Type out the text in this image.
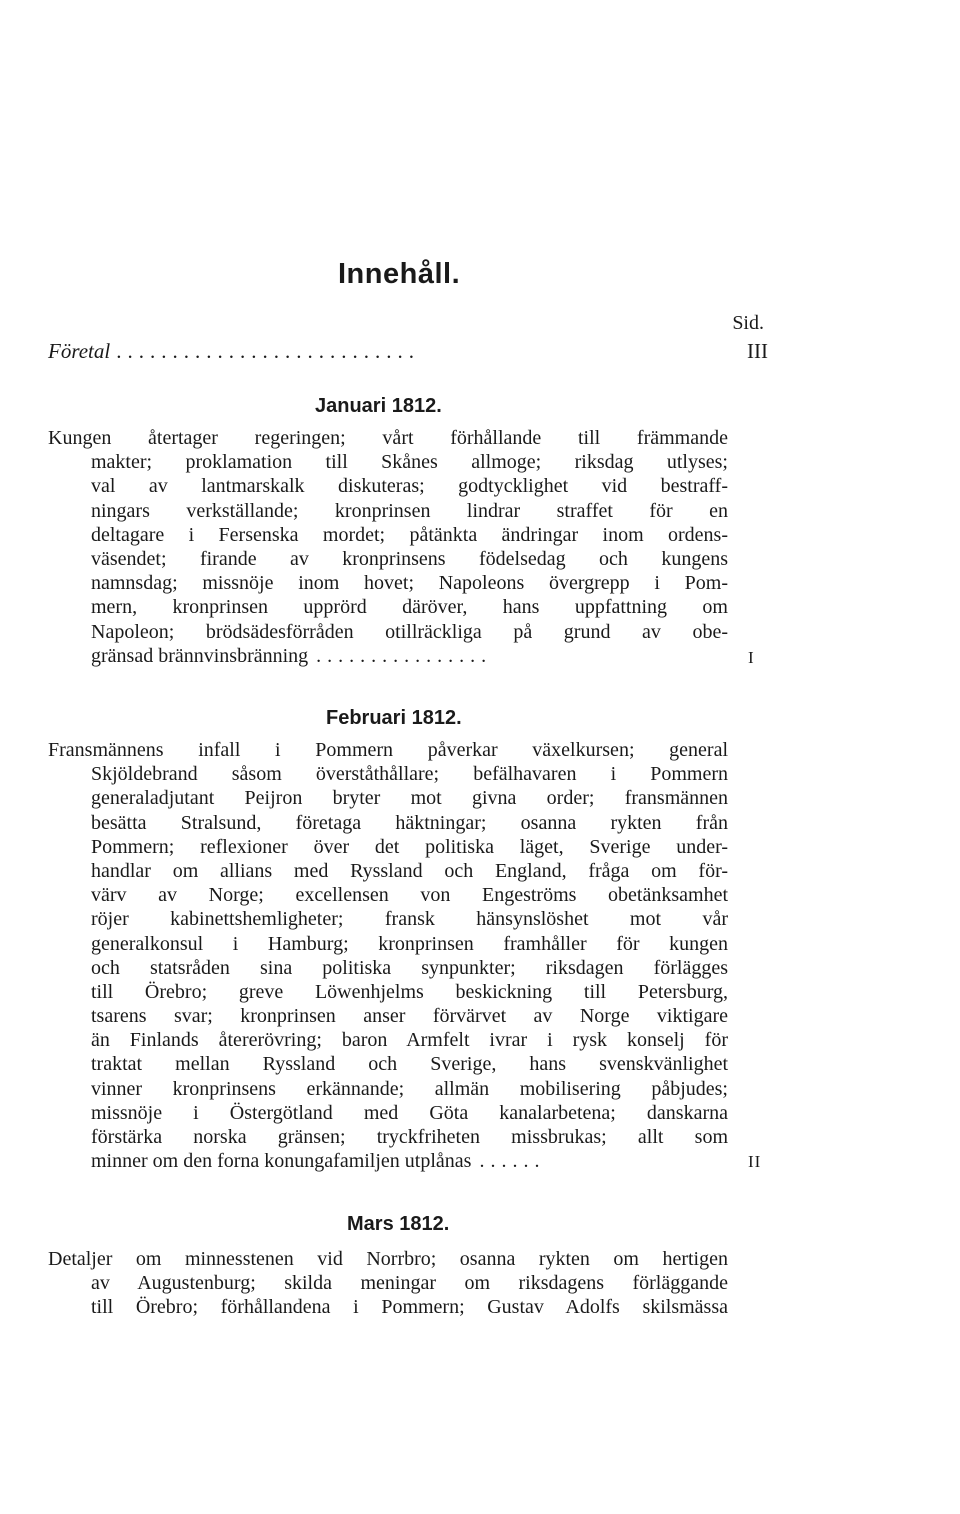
Innehåll.
Sid.
Företal ...........................	III
Januari 1812.
Kungen återtager regeringen; vårt förhållande till främmande
makter; proklamation till Skånes allmoge; riksdag utlyses;
val av lantmarskalk diskuteras; godtycklighet vid bestraff-
ningars verkställande; kronprinsen lindrar straffet för en
deltagare i Fersenska mordet; påtänkta ändringar inom ordens-
väsendet; firande av kronprinsens födelsedag och kungens
namnsdag; missnöje inom hovet; Napoleons övergrepp i Pom-
mern, kronprinsen upprörd däröver, hans uppfattning om
Napoleon; brödsädesförråden otillräckliga på grund av obe-
gränsad brännvinsbränning ................	I
Februari 1812.
Fransmännens infall i Pommern påverkar växelkursen; general
Skjöldebrand såsom överståthållare; befälhavaren i Pommern
generaladjutant Peijron bryter mot givna order; fransmännen
besätta Stralsund, företaga häktningar; osanna rykten från
Pommern; reflexioner över det politiska läget, Sverige under-
handlar om allians med Ryssland och England, fråga om för-
värv av Norge; excellensen von Engeströms obetänksamhet
röjer kabinettshemligheter; fransk hänsynslöshet mot vår
generalkonsul i Hamburg; kronprinsen framhåller för kungen
och statsråden sina politiska synpunkter; riksdagen förlägges
till Örebro; greve Löwenhjelms beskickning till Petersburg,
tsarens svar; kronprinsen anser förvärvet av Norge viktigare
än Finlands återerövring; baron Armfelt ivrar i rysk konselj för
traktat mellan Ryssland och Sverige, hans svenskvänlighet
vinner kronprinsens erkännande; allmän mobilisering påbjudes;
missnöje i Östergötland med Göta kanalarbetena; danskarna
förstärka norska gränsen; tryckfriheten missbrukas; allt som
minner om den forna konungafamiljen utplånas ......	II
Mars 1812.
Detaljer om minnesstenen vid Norrbro; osanna rykten om hertigen
av Augustenburg; skilda meningar om riksdagens förläggande
till Örebro; förhållandena i Pommern; Gustav Adolfs skilsmässa
